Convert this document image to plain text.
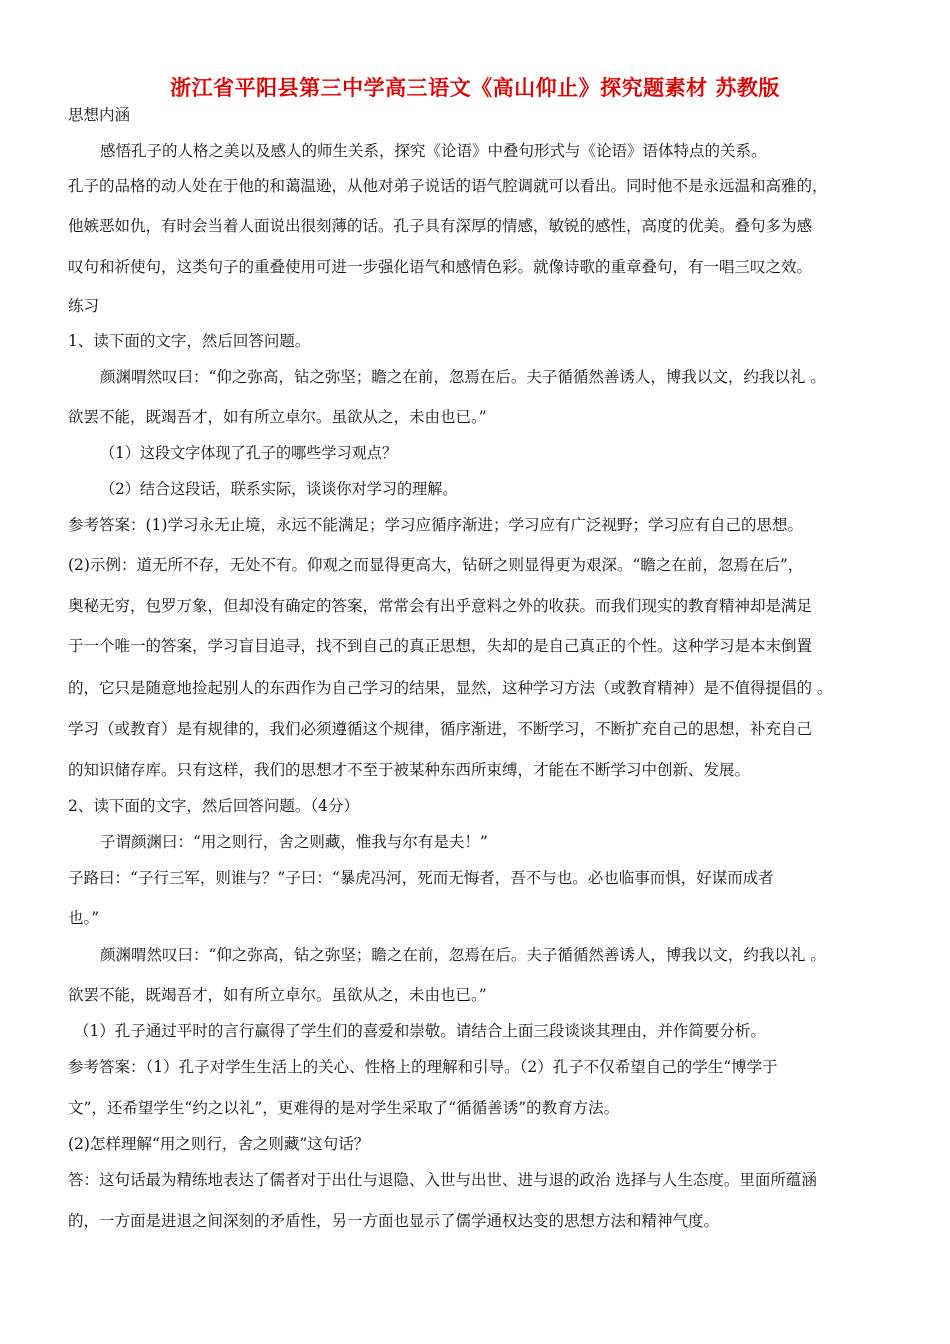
浙江省平阳县第三中学高三语文《高山仰止》探究题素材 苏教版
思想内涵
感悟孔子的人格之美以及感人的师生关系，探究《论语》中叠句形式与《论语》语体特点的关系。
孔子的品格的动人处在于他的和蔼温逊，从他对弟子说话的语气腔调就可以看出。同时他不是永远温和高雅的，
他嫉恶如仇，有时会当着人面说出很刻薄的话。孔子具有深厚的情感，敏锐的感性，高度的优美。叠句多为感
叹句和祈使句，这类句子的重叠使用可进一步强化语气和感情色彩。就像诗歌的重章叠句，有一唱三叹之效。
练习
1、读下面的文字，然后回答问题。
颜渊喟然叹曰：“仰之弥高，钻之弥坚；瞻之在前，忽焉在后。夫子循循然善诱人，博我以文，约我以礼 。
欲罢不能，既竭吾才，如有所立卓尔。虽欲从之，未由也已。”
（1）这段文字体现了孔子的哪些学习观点？
（2）结合这段话，联系实际，谈谈你对学习的理解。
参考答案：(1)学习永无止境，永远不能满足；学习应循序渐进；学习应有广泛视野；学习应有自己的思想。
(2)示例：道无所不存，无处不有。仰观之而显得更高大，钻研之则显得更为艰深。“瞻之在前，忽焉在后”，
奥秘无穷，包罗万象，但却没有确定的答案，常常会有出乎意料之外的收获。而我们现实的教育精神却是满足
于一个唯一的答案，学习盲目追寻，找不到自己的真正思想，失却的是自己真正的个性。这种学习是本末倒置
的，它只是随意地捡起别人的东西作为自己学习的结果，显然，这种学习方法（或教育精神）是不值得提倡的 。
学习（或教育）是有规律的，我们必须遵循这个规律，循序渐进，不断学习，不断扩充自己的思想，补充自己
的知识储存库。只有这样，我们的思想才不至于被某种东西所束缚，才能在不断学习中创新、发展。
2、读下面的文字，然后回答问题。（4分）
子谓颜渊曰：“用之则行，舍之则藏，惟我与尔有是夫！”
子路曰：“子行三军，则谁与？”子曰：“暴虎冯河，死而无悔者，吾不与也。必也临事而惧，好谋而成者
也。”
颜渊喟然叹曰：“仰之弥高，钻之弥坚；瞻之在前，忽焉在后。夫子循循然善诱人，博我以文，约我以礼 。
欲罢不能，既竭吾才，如有所立卓尔。虽欲从之，未由也已。”
（1）孔子通过平时的言行赢得了学生们的喜爱和崇敬。请结合上面三段谈谈其理由，并作简要分析。
参考答案：（1）孔子对学生生活上的关心、性格上的理解和引导。（2）孔子不仅希望自己的学生“博学于
文”，还希望学生“约之以礼”，更难得的是对学生采取了“循循善诱”的教育方法。
(2)怎样理解“用之则行，舍之则藏”这句话？
答：这句话最为精练地表达了儒者对于出仕与退隐、入世与出世、进与退的政治 选择与人生态度。里面所蕴涵
的，一方面是进退之间深刻的矛盾性，另一方面也显示了儒学通权达变的思想方法和精神气度。
